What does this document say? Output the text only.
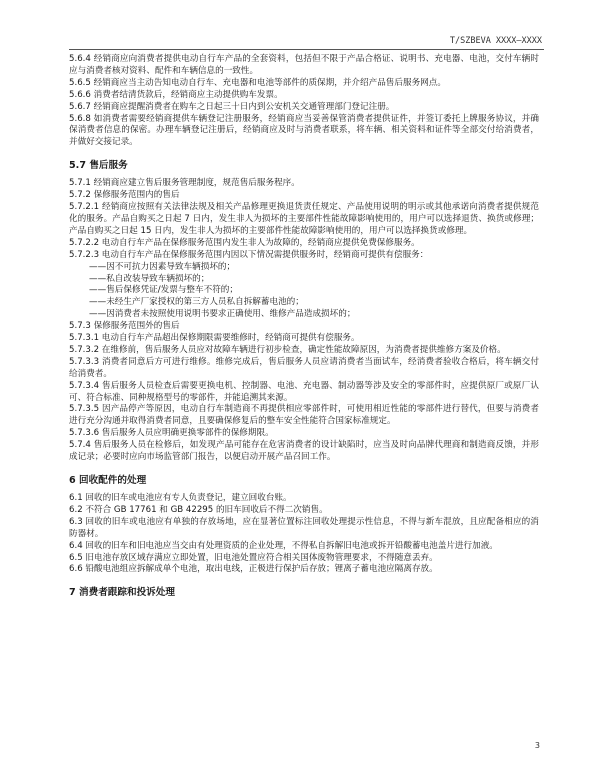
T/SZBEVA XXXX—XXXX

5.6.4 经销商应向消费者提供电动自行车产品的全套资料，包括但不限于产品合格证、说明书、充电器、电池，交付车辆时应与消费者核对资料、配件和车辆信息的一致性。

5.6.5 经销商应当主动告知电动自行车、充电器和电池等部件的质保期，并介绍产品售后服务网点。

5.6.6 消费者结清货款后，经销商应主动提供购车发票。

5.6.7 经销商应提醒消费者在购车之日起三十日内到公安机关交通管理部门登记注册。

5.6.8 如消费者需要经销商提供车辆登记注册服务，经销商应当妥善保管消费者提供证件，并签订委托上牌服务协议，并确保消费者信息的保密。办理车辆登记注册后，经销商应及时与消费者联系，将车辆、相关资料和证件等全部交付给消费者，并做好交接记录。

5.7 售后服务

5.7.1 经销商应建立售后服务管理制度，规范售后服务程序。

5.7.2 保修服务范围内的售后

5.7.2.1 经销商应按照有关法律法规及相关产品修理更换退货责任规定、产品使用说明的明示或其他承诺向消费者提供规范化的服务。产品自购买之日起 7 日内，发生非人为损坏的主要部件性能故障影响使用的，用户可以选择退货、换货或修理；产品自购买之日起 15 日内，发生非人为损坏的主要部件性能故障影响使用的，用户可以选择换货或修理。

5.7.2.2 电动自行车产品在保修服务范围内发生非人为故障的，经销商应提供免费保修服务。

5.7.2.3 电动自行车产品在保修服务范围内因以下情况需提供服务时，经销商可提供有偿服务：

——因不可抗力因素导致车辆损坏的；

——私自改装导致车辆损坏的；

——售后保修凭证/发票与整车不符的；

——未经生产厂家授权的第三方人员私自拆解蓄电池的；

——因消费者未按照使用说明书要求正确使用、维修产品造成损坏的；

5.7.3 保修服务范围外的售后

5.7.3.1 电动自行车产品超出保修期限需要维修时，经销商可提供有偿服务。

5.7.3.2 在维修前，售后服务人员应对故障车辆进行初步检查，确定性能故障原因，为消费者提供维修方案及价格。

5.7.3.3 消费者同意后方可进行维修。维修完成后，售后服务人员应请消费者当面试车，经消费者验收合格后，将车辆交付给消费者。

5.7.3.4 售后服务人员检查后需要更换电机、控制器、电池、充电器、制动器等涉及安全的零部件时，应提供原厂或原厂认可、符合标准、同种规格型号的零部件，并能追溯其来源。

5.7.3.5 因产品停产等原因，电动自行车制造商不再提供相应零部件时，可使用相近性能的零部件进行替代，但要与消费者进行充分沟通并取得消费者同意，且要确保修复后的整车安全性能符合国家标准规定。

5.7.3.6 售后服务人员应明确更换零部件的保修期限。

5.7.4 售后服务人员在检修后，如发现产品可能存在危害消费者的设计缺陷时，应当及时向品牌代理商和制造商反馈，并形成记录；必要时应向市场监管部门报告，以便启动开展产品召回工作。

6 回收配件的处理

6.1 回收的旧车或电池应有专人负责登记，建立回收台账。

6.2 不符合 GB 17761 和 GB 42295 的旧车回收后不得二次销售。

6.3 回收的旧车或电池应有单独的存放场地，应在显著位置标注回收处理提示性信息，不得与新车混放，且应配备相应的消防器材。

6.4 回收的旧车和旧电池应当交由有处理资质的企业处理，不得私自拆解旧电池或拆开铅酸蓄电池盖片进行加液。

6.5 旧电池存放区域存满应立即处置，旧电池处置应符合相关国体废物管理要求，不得随意丢弃。

6.6 铅酸电池组应拆解成单个电池，取出电线，正极进行保护后存放；锂离子蓄电池应隔离存放。

7 消费者跟踪和投诉处理
3
